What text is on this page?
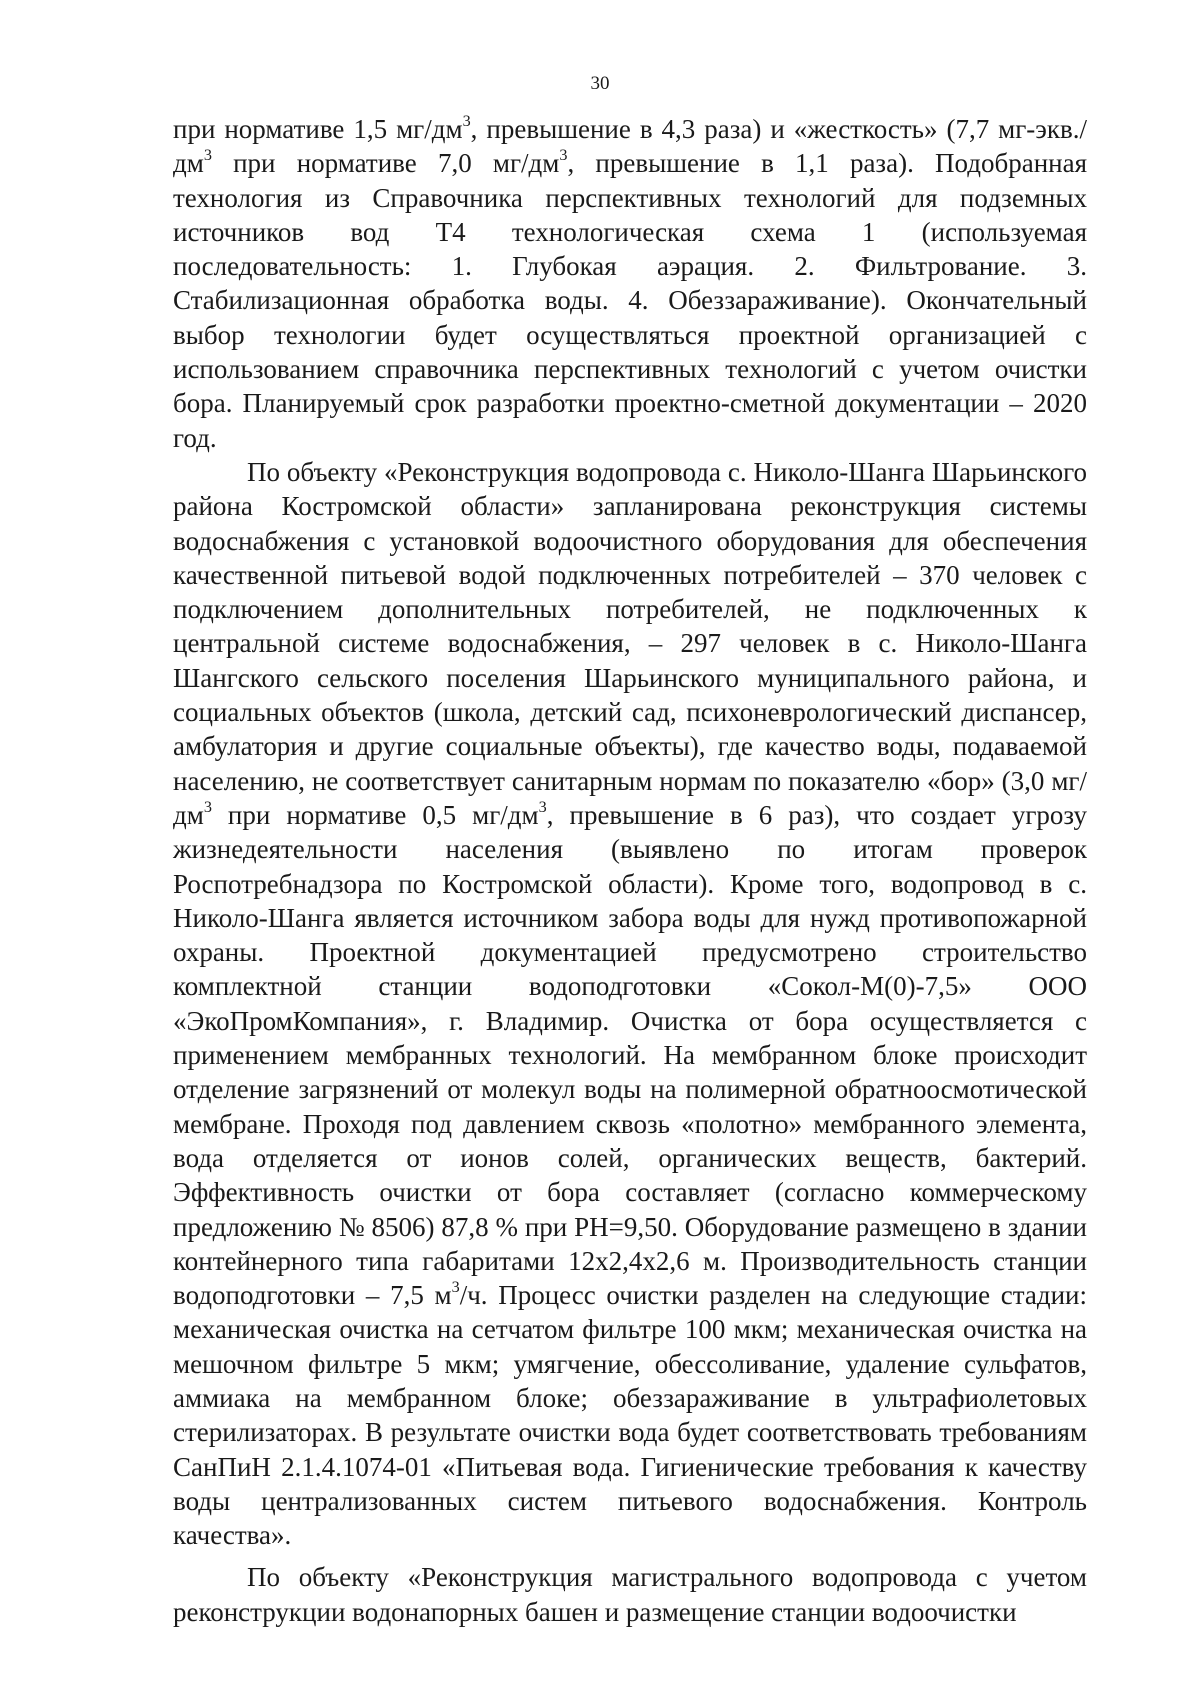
30

при нормативе 1,5 $мг/дм^3$, превышение в 4,3 раза) и «жесткость» (7,7 $мг-экв./дм^3$ при нормативе 7,0 $мг/дм^3$, превышение в 1,1 раза). Подобранная технология из Справочника перспективных технологий для подземных источников вод Т4 технологическая схема 1 (используемая последовательность: 1. Глубокая аэрация. 2. Фильтрование. 3. Стабилизационная обработка воды. 4. Обеззараживание). Окончательный выбор технологии будет осуществляться проектной организацией с использованием справочника перспективных технологий с учетом очистки бора. Планируемый срок разработки проектно-сметной документации – 2020 год.

По объекту «Реконструкция водопровода с. Николо-Шанга Шарьинского района Костромской области» запланирована реконструкция системы водоснабжения с установкой водоочистного оборудования для обеспечения качественной питьевой водой подключенных потребителей – 370 человек с подключением дополнительных потребителей, не подключенных к центральной системе водоснабжения, – 297 человек в с. Николо-Шанга Шангского сельского поселения Шарьинского муниципального района, и социальных объектов (школа, детский сад, психоневрологический диспансер, амбулатория и другие социальные объекты), где качество воды, подаваемой населению, не соответствует санитарным нормам по показателю «бор» (3,0 $мг/дм^3$ при нормативе 0,5 $мг/дм^3$, превышение в 6 раз), что создает угрозу жизнедеятельности населения (выявлено по итогам проверок Роспотребнадзора по Костромской области). Кроме того, водопровод в с. Николо-Шанга является источником забора воды для нужд противопожарной охраны. Проектной документацией предусмотрено строительство комплектной станции водоподготовки «Сокол-М(0)-7,5» ООО «ЭкоПромКомпания», г. Владимир. Очистка от бора осуществляется с применением мембранных технологий. На мембранном блоке происходит отделение загрязнений от молекул воды на полимерной обратноосмотической мембране. Проходя под давлением сквозь «полотно» мембранного элемента, вода отделяется от ионов солей, органических веществ, бактерий. Эффективность очистки от бора составляет (согласно коммерческому предложению № 8506) 87,8 % при РН=9,50. Оборудование размещено в здании контейнерного типа габаритами 12х2,4х2,6 м. Производительность станции водоподготовки – 7,5 $м^3/ч$. Процесс очистки разделен на следующие стадии: механическая очистка на сетчатом фильтре 100 мкм; механическая очистка на мешочном фильтре 5 мкм; умягчение, обессоливание, удаление сульфатов, аммиака на мембранном блоке; обеззараживание в ультрафиолетовых стерилизаторах. В результате очистки вода будет соответствовать требованиям СанПиН 2.1.4.1074-01 «Питьевая вода. Гигиенические требования к качеству воды централизованных систем питьевого водоснабжения. Контроль качества».

По объекту «Реконструкция магистрального водопровода с учетом реконструкции водонапорных башен и размещение станции водоочистки
